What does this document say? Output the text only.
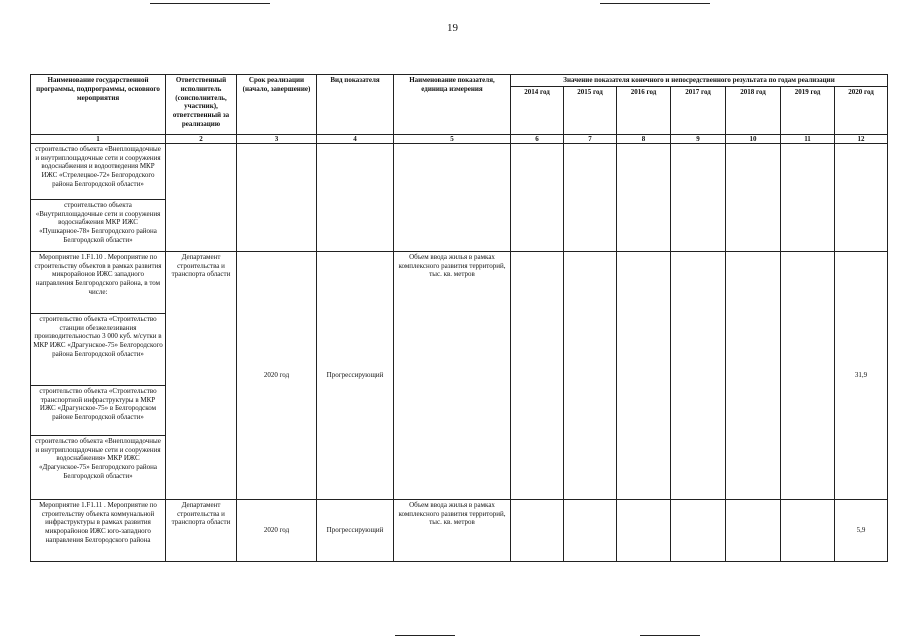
19
Наименование государственной программы, подпрограммы, основного мероприятия	Ответственный исполнитель (соисполнитель, участник), ответственный за реализацию	Срок реализации (начало, завершение)	Вид показателя	Наименование показателя, единица измерения	Значение показателя конечного и непосредственного результата по годам реализации						
					2014 год	2015 год	2016 год	2017 год	2018 год	2019 год	2020 год
1	2	3	4	5	6	7	8	9	10	11	12
строительство объекта «Внеплощадочные и внутриплощадочные сети и сооружения водоснабжения и водоотведения МКР ИЖС «Стрелецкое-72» Белгородского района Белгородской области»											
строительство объекта «Внутриплощадочные сети и сооружения водоснабжения МКР ИЖС «Пушкарное-78» Белгородского района Белгородской области»											
Мероприятие 1.F1.10 . Мероприятие по строительству объектов в рамках развития микрорайонов ИЖС западного направления Белгородского района, в том числе:	Департамент строительства и транспорта области	2020 год	Прогрессирующий	Объем ввода жилья в рамках комплексного развития территорий, тыс. кв. метров							31,9
строительство объекта «Строительство станции обезжелезивания производительностью 3 000 куб. м/сутки в МКР ИЖС «Драгунское-75» Белгородского района Белгородской области»											
строительство объекта «Строительство транспортной инфраструктуры в МКР ИЖС «Драгунское-75» в Белгородском районе Белгородской области»											
строительство объекта «Внеплощадочные и внутриплощадочные сети и сооружения водоснабжения» МКР ИЖС «Драгунское-75» Белгородского района Белгородской области»											
Мероприятие 1.F1.11 . Мероприятие по строительству объекта коммунальной инфраструктуры в рамках развития микрорайонов ИЖС юго-западного направления Белгородского района	Департамент строительства и транспорта области	2020 год	Прогрессирующий	Объем ввода жилья в рамках комплексного развития территорий, тыс. кв. метров							5,9
